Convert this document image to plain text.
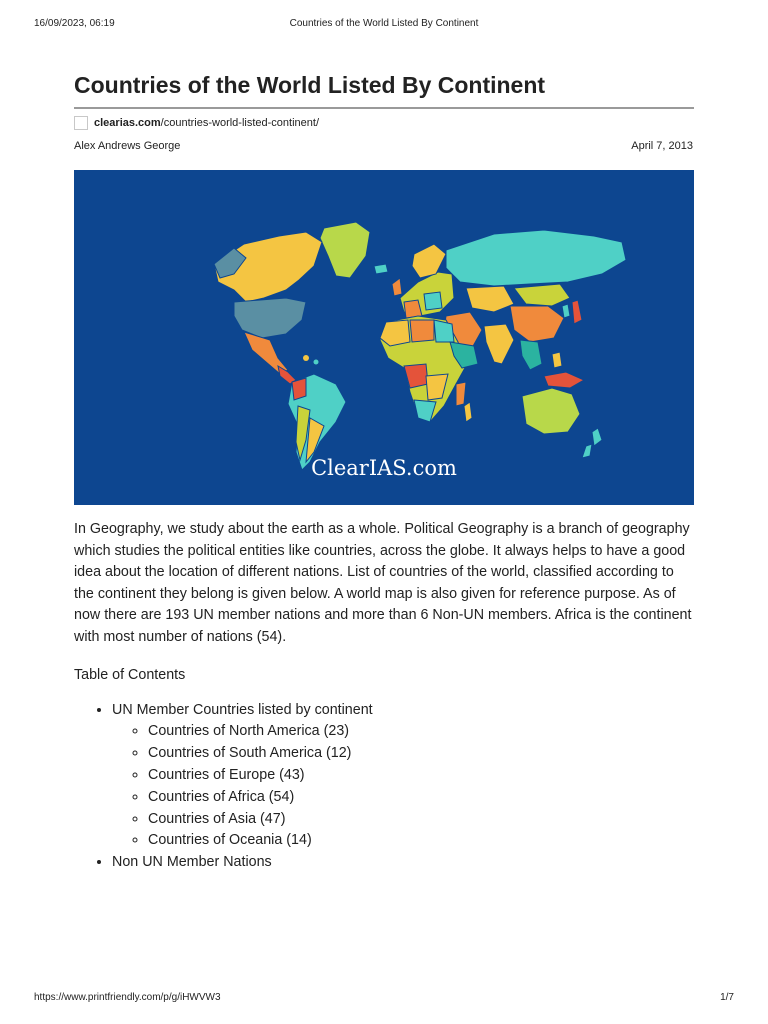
16/09/2023, 06:19	Countries of the World Listed By Continent
Countries of the World Listed By Continent
clearias.com/countries-world-listed-continent/
Alex Andrews George	April 7, 2013
ClearIAS.com

In Geography, we study about the earth as a whole. Political Geography is a branch of geography which studies the political entities like countries, across the globe. It always helps to have a good idea about the location of different nations. List of countries of the world, classified according to the continent they belong is given below. A world map is also given for reference purpose. As of now there are 193 UN member nations and more than 6 Non-UN members. Africa is the continent with most number of nations (54).

Table of Contents
• UN Member Countries listed by continent
◦ Countries of North America (23)
◦ Countries of South America (12)
◦ Countries of Europe (43)
◦ Countries of Africa (54)
◦ Countries of Asia (47)
◦ Countries of Oceania (14)
• Non UN Member Nations
https://www.printfriendly.com/p/g/iHWVW3	1/7
